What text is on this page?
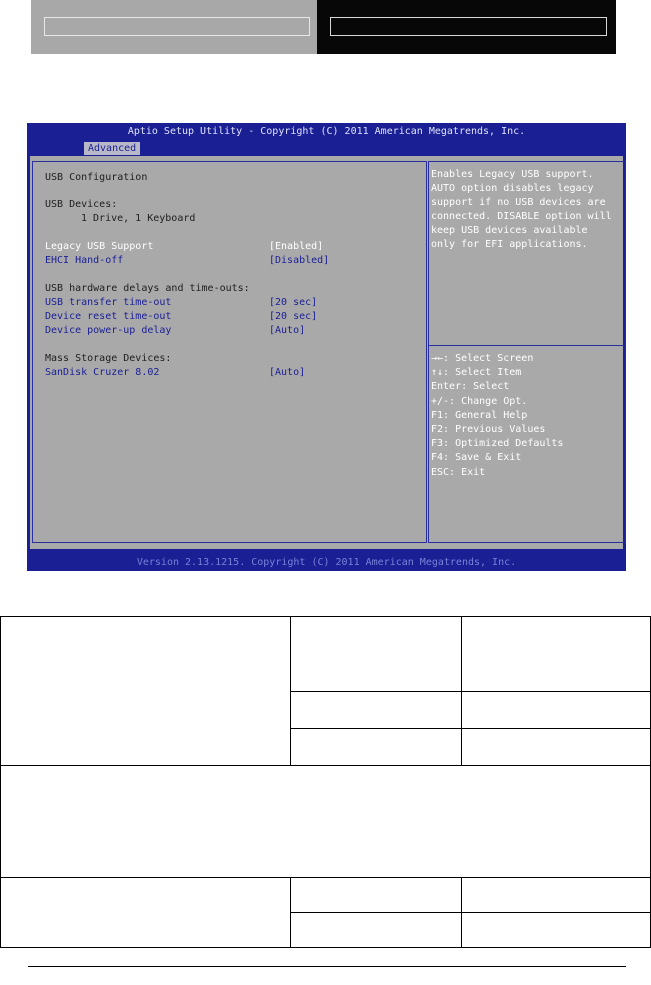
Aptio Setup Utility - Copyright (C) 2011 American Megatrends, Inc.
Advanced
USB Configuration
USB Devices:
1 Drive, 1 Keyboard
Legacy USB Support	[Enabled]
EHCI Hand-off	[Disabled]
USB hardware delays and time-outs:
USB transfer time-out	[20 sec]
Device reset time-out	[20 sec]
Device power-up delay	[Auto]
Mass Storage Devices:
SanDisk Cruzer 8.02	[Auto]
Enables Legacy USB support.
AUTO option disables legacy
support if no USB devices are
connected. DISABLE option will
keep USB devices available
only for EFI applications.
→←: Select Screen
↑↓: Select Item
Enter: Select
+/-: Change Opt.
F1: General Help
F2: Previous Values
F3: Optimized Defaults
F4: Save & Exit
ESC: Exit
Version 2.13.1215. Copyright (C) 2011 American Megatrends, Inc.
